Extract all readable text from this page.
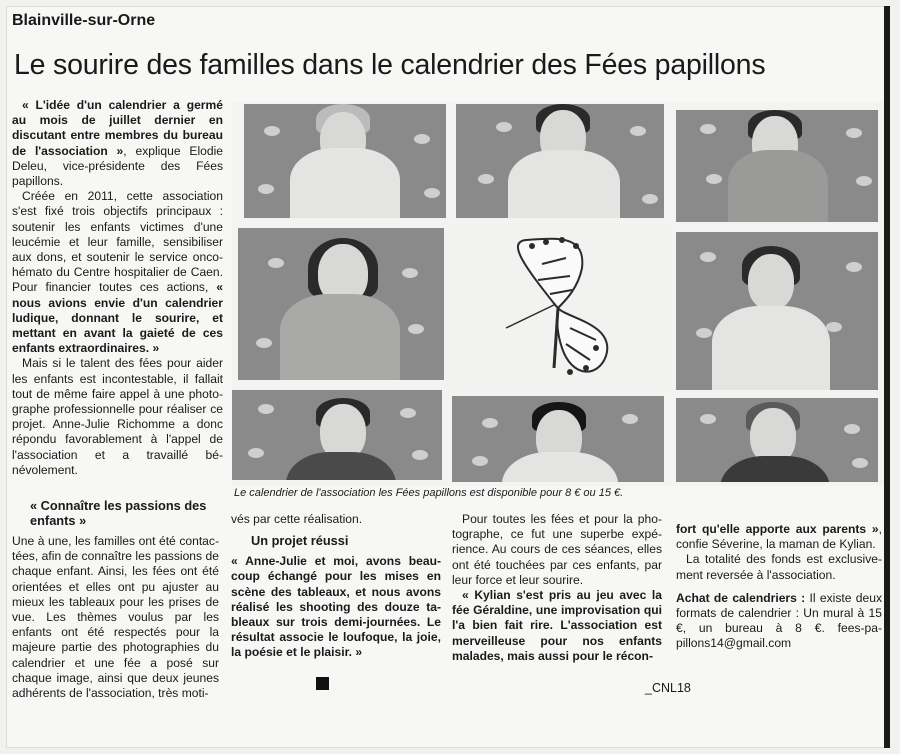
Blainville-sur-Orne
Le sourire des familles dans le calendrier des Fées papillons

« L'idée d'un calendrier a germé au mois de juillet dernier en discutant entre membres du bureau de l'association », explique Elodie Deleu, vice-présidente des Fées papillons.

Créée en 2011, cette association s'est fixé trois objectifs principaux : soutenir les enfants victimes d'une leucémie et leur famille, sensibiliser aux dons, et soutenir le service onco-hémato du Centre hospitalier de Caen. Pour financier toutes ces actions, « nous avions envie d'un calendrier ludique, donnant le sourire, et mettant en avant la gaieté de ces enfants extraordinaires. »

Mais si le talent des fées pour aider les enfants est incontestable, il fallait tout de même faire appel à une photographe professionnelle pour réaliser ce projet. Anne-Julie Richomme a donc répondu favorablement à l'appel de l'association et a travaillé bénévolement.

« Connaître les passions des enfants »

Une à une, les familles ont été contactées, afin de connaître les passions de chaque enfant. Ainsi, les fées ont été orientées et elles ont pu ajuster au mieux les tableaux pour les prises de vue. Les thèmes voulus par les enfants ont été respectés pour la majeure partie des photographies du calendrier et une fée a posé sur chaque image, ainsi que deux jeunes adhérents de l'association, très moti-

vés par cette réalisation.

Un projet réussi

« Anne-Julie et moi, avons beaucoup échangé pour les mises en scène des tableaux, et nous avons réalisé les shooting des douze tableaux sur trois demi-journées. Le résultat associe le loufoque, la joie, la poésie et le plaisir. »

Pour toutes les fées et pour la photographe, ce fut une superbe expérience. Au cours de ces séances, elles ont été touchées par ces enfants, par leur force et leur sourire.

« Kylian s'est pris au jeu avec la fée Géraldine, une improvisation qui l'a bien fait rire. L'association est merveilleuse pour nos enfants malades, mais aussi pour le récon-

fort qu'elle apporte aux parents », confie Séverine, la maman de Kylian.

La totalité des fonds est exclusivement reversée à l'association.

Achat de calendriers : Il existe deux formats de calendrier : Un mural à 15 €, un bureau à 8 €. fees-papillons14@gmail.com

Le calendrier de l'association les Fées papillons est disponible pour 8 € ou 15 €.
_CNL18
